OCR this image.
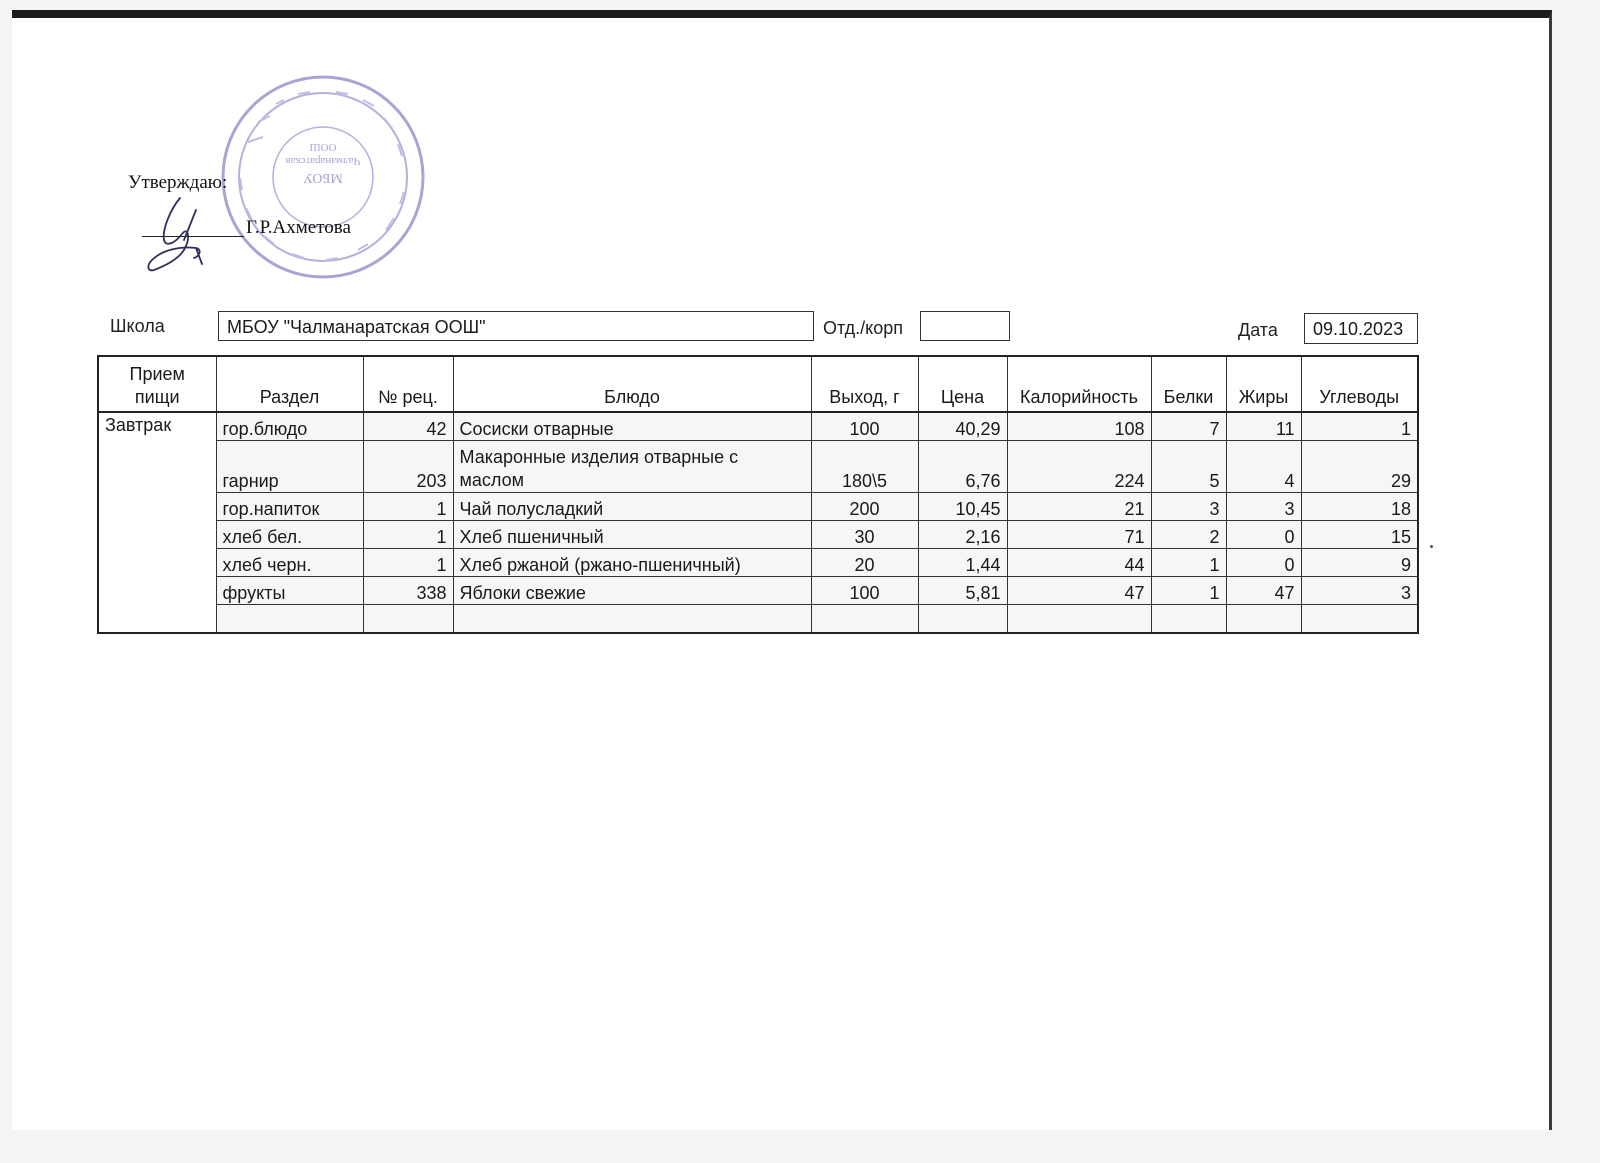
МБОУ
Чалманаратская
ООШ
Утверждаю:
Г.Р.Ахметова
Школа	МБОУ "Чалманаратская ООШ"	Отд./корп	Дата	09.10.2023
Прием пищи	Раздел	№ рец.	Блюдо	Выход, г	Цена	Калорийность	Белки	Жиры	Углеводы
Завтрак	гор.блюдо	42	Сосиски отварные	100	40,29	108	7	11	1
	гарнир	203	Макаронные изделия отварные с маслом	180\5	6,76	224	5	4	29
	гор.напиток	1	Чай полусладкий	200	10,45	21	3	3	18
	хлеб бел.	1	Хлеб пшеничный	30	2,16	71	2	0	15
	хлеб черн.	1	Хлеб ржаной (ржано-пшеничный)	20	1,44	44	1	0	9
	фрукты	338	Яблоки свежие	100	5,81	47	1	47	3
